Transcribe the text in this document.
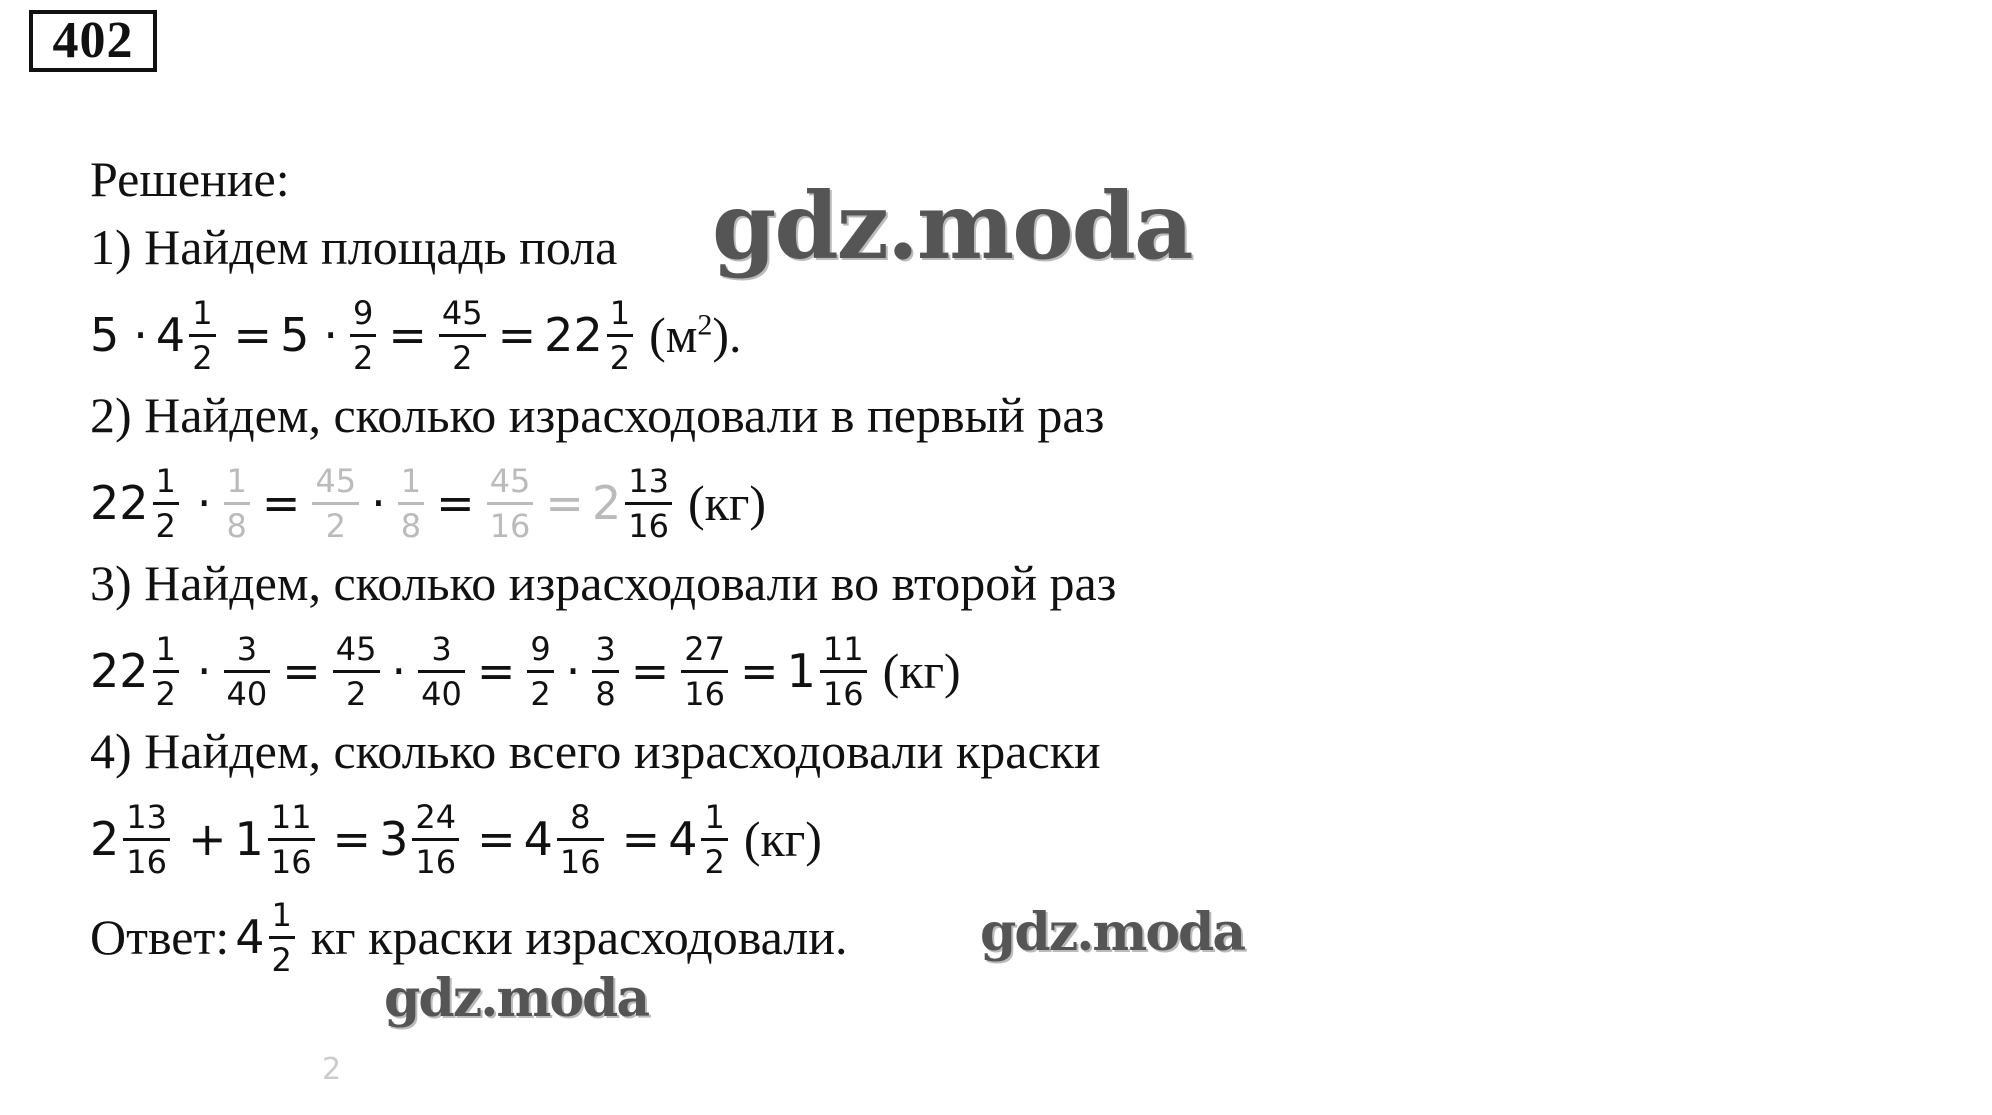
402
Решение:
1) Найдем площадь пола
$5 \cdot 4 \frac{1}{2} = 5 \cdot \frac{9}{2} = \frac{45}{2} = 22 \frac{1}{2} (м^2)$.
2) Найдем, сколько израсходовали в первый раз
$22 \frac{1}{2} \cdot \frac{1}{8} = \frac{45}{2} \cdot \frac{1}{8} = \frac{45}{16} = 2 \frac{13}{16} (кг)$
3) Найдем, сколько израсходовали во второй раз
$22 \frac{1}{2} \cdot \frac{3}{40} = \frac{45}{2} \cdot \frac{3}{40} = \frac{9}{2} \cdot \frac{3}{8} = \frac{27}{16} = 1 \frac{11}{16} (кг)$
4) Найдем, сколько всего израсходовали краски
$2 \frac{13}{16} + 1 \frac{11}{16} = 3 \frac{24}{16} = 4 \frac{8}{16} = 4 \frac{1}{2} (кг)$
Ответ: $4 \frac{1}{2}$ кг краски израсходовали.
gdz.moda
gdz.moda
gdz.moda
2
